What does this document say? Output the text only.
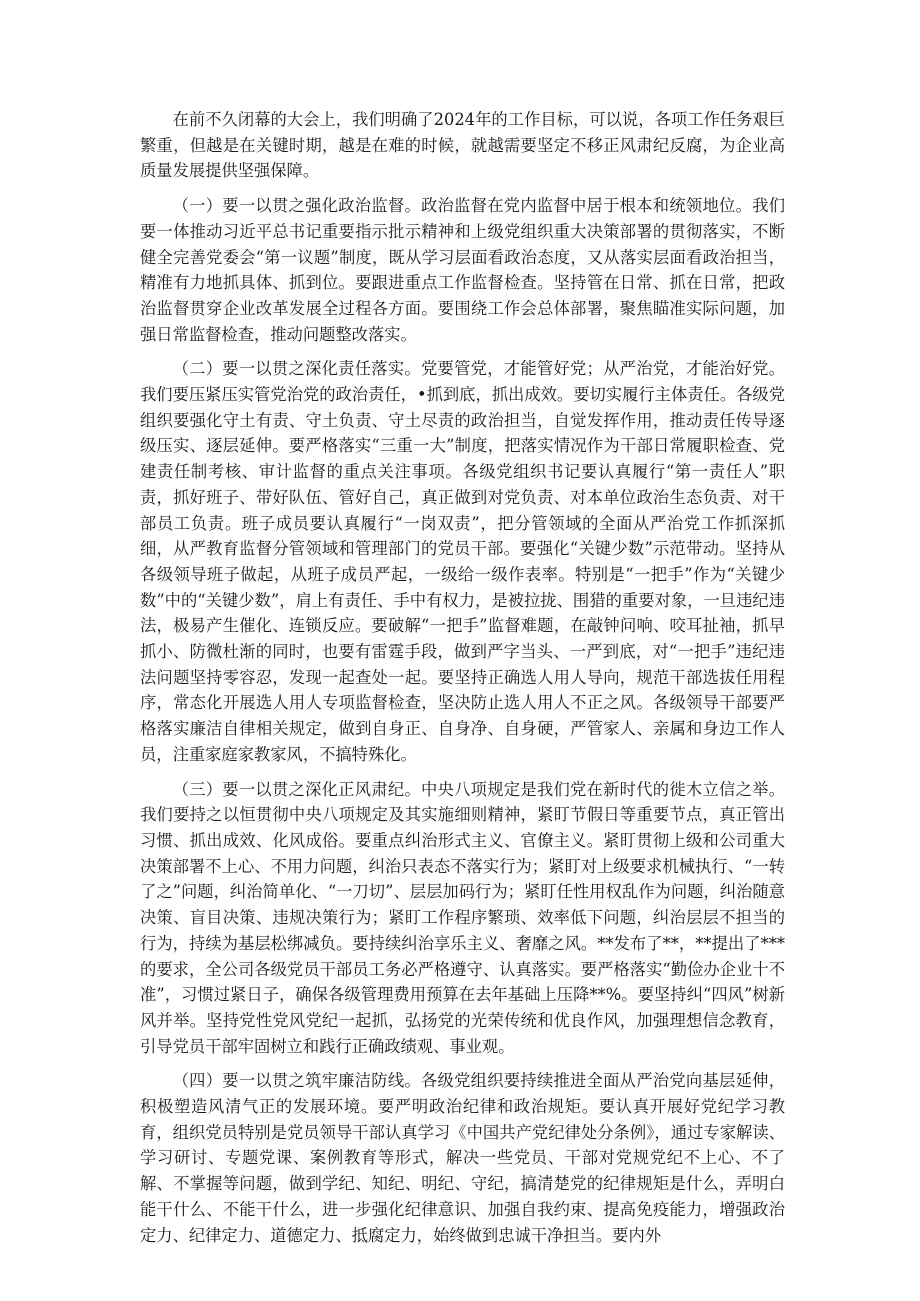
在前不久闭幕的大会上，我们明确了2024年的工作目标，可以说，各项工作任务艰巨繁重，但越是在关键时期，越是在难的时候，就越需要坚定不移正风肃纪反腐，为企业高质量发展提供坚强保障。

（一）要一以贯之强化政治监督。政治监督在党内监督中居于根本和统领地位。我们要一体推动习近平总书记重要指示批示精神和上级党组织重大决策部署的贯彻落实，不断健全完善党委会“第一议题”制度，既从学习层面看政治态度，又从落实层面看政治担当，精准有力地抓具体、抓到位。要跟进重点工作监督检查。坚持管在日常、抓在日常，把政治监督贯穿企业改革发展全过程各方面。要围绕工作会总体部署，聚焦瞄准实际问题，加强日常监督检查，推动问题整改落实。

（二）要一以贯之深化责任落实。党要管党，才能管好党；从严治党，才能治好党。我们要压紧压实管党治党的政治责任，•抓到底，抓出成效。要切实履行主体责任。各级党组织要强化守土有责、守土负责、守土尽责的政治担当，自觉发挥作用，推动责任传导逐级压实、逐层延伸。要严格落实“三重一大”制度，把落实情况作为干部日常履职检查、党建责任制考核、审计监督的重点关注事项。各级党组织书记要认真履行“第一责任人”职责，抓好班子、带好队伍、管好自己，真正做到对党负责、对本单位政治生态负责、对干部员工负责。班子成员要认真履行“一岗双责”，把分管领域的全面从严治党工作抓深抓细，从严教育监督分管领域和管理部门的党员干部。要强化“关键少数”示范带动。坚持从各级领导班子做起，从班子成员严起，一级给一级作表率。特别是“一把手”作为“关键少数”中的“关键少数”，肩上有责任、手中有权力，是被拉拢、围猎的重要对象，一旦违纪违法，极易产生催化、连锁反应。要破解“一把手”监督难题，在敲钟问响、咬耳扯袖，抓早抓小、防微杜渐的同时，也要有雷霆手段，做到严字当头、一严到底，对“一把手”违纪违法问题坚持零容忍，发现一起查处一起。要坚持正确选人用人导向，规范干部选拔任用程序，常态化开展选人用人专项监督检查，坚决防止选人用人不正之风。各级领导干部要严格落实廉洁自律相关规定，做到自身正、自身净、自身硬，严管家人、亲属和身边工作人员，注重家庭家教家风，不搞特殊化。

（三）要一以贯之深化正风肃纪。中央八项规定是我们党在新时代的徙木立信之举。我们要持之以恒贯彻中央八项规定及其实施细则精神，紧盯节假日等重要节点，真正管出习惯、抓出成效、化风成俗。要重点纠治形式主义、官僚主义。紧盯贯彻上级和公司重大决策部署不上心、不用力问题，纠治只表态不落实行为；紧盯对上级要求机械执行、“一转了之”问题，纠治简单化、“一刀切”、层层加码行为；紧盯任性用权乱作为问题，纠治随意决策、盲目决策、违规决策行为；紧盯工作程序繁琐、效率低下问题，纠治层层不担当的行为，持续为基层松绑减负。要持续纠治享乐主义、奢靡之风。**发布了**，**提出了***的要求，全公司各级党员干部员工务必严格遵守、认真落实。要严格落实“勤俭办企业十不准”，习惯过紧日子，确保各级管理费用预算在去年基础上压降**%。要坚持纠“四风”树新风并举。坚持党性党风党纪一起抓，弘扬党的光荣传统和优良作风，加强理想信念教育，引导党员干部牢固树立和践行正确政绩观、事业观。

（四）要一以贯之筑牢廉洁防线。各级党组织要持续推进全面从严治党向基层延伸，积极塑造风清气正的发展环境。要严明政治纪律和政治规矩。要认真开展好党纪学习教育，组织党员特别是党员领导干部认真学习《中国共产党纪律处分条例》，通过专家解读、学习研讨、专题党课、案例教育等形式，解决一些党员、干部对党规党纪不上心、不了解、不掌握等问题，做到学纪、知纪、明纪、守纪，搞清楚党的纪律规矩是什么，弄明白能干什么、不能干什么，进一步强化纪律意识、加强自我约束、提高免疫能力，增强政治定力、纪律定力、道德定力、抵腐定力，始终做到忠诚干净担当。要内外
